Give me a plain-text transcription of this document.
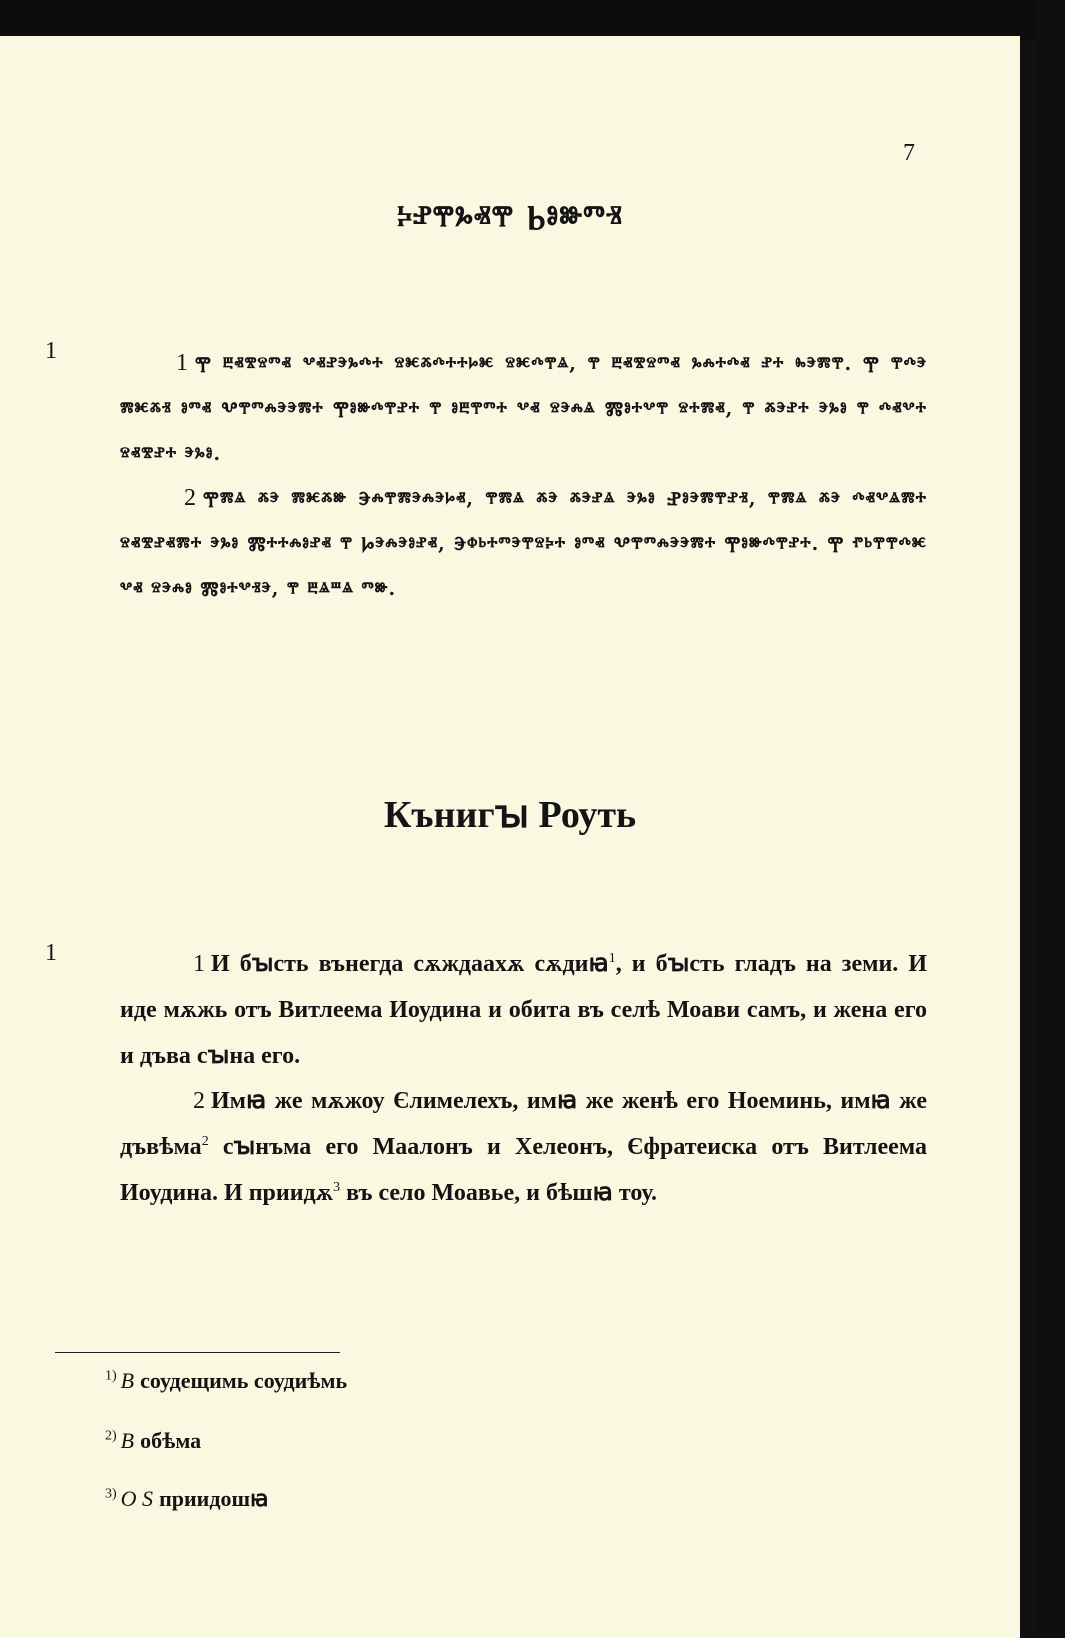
7
ⰽⱀⰹⰳⱏⰹ Ⱃⱁⱆⱅⱐ
1	1 Ⰹ ⰱⱏⰺⱄⱅⱏ ⰲⱏⱀⰵⰳⰴⰰ ⱄⱘⰶⰴⰰⰰⱈⱘ ⱄⱘⰴⰹⱑ, ⰹ ⰱⱏⰺⱄⱅⱏ ⰳⰾⰰⰴⱏ ⱀⰰ ⰸⰵⰿⰹ. Ⰹ ⰹⰴⰵ ⰿⱘⰶⱐ ⱁⱅⱏ Ⰲⰹⱅⰾⰵⰵⰿⰰ Ⰹⱁⱆⰴⰹⱀⰰ ⰹ ⱁⰱⰹⱅⰰ ⰲⱏ ⱄⰵⰾⱑ Ⰿⱁⰰⰲⰹ ⱄⰰⰿⱏ, ⰹ ⰶⰵⱀⰰ ⰵⰳⱁ ⰹ ⰴⱏⰲⰰ ⱄⱏⰺⱀⰰ ⰵⰳⱁ.
2 Ⰹⰿⱑ ⰶⰵ ⰿⱘⰶⱆ Ⰵⰾⰹⰿⰵⰾⰵⱈⱏ, ⰹⰿⱑ ⰶⰵ ⰶⰵⱀⱑ ⰵⰳⱁ Ⱀⱁⰵⰿⰹⱀⱐ, ⰹⰿⱑ ⰶⰵ ⰴⱏⰲⱑⰿⰰ ⱄⱏⰺⱀⱏⰿⰰ ⰵⰳⱁ Ⰿⰰⰰⰾⱁⱀⱏ ⰹ Ⱈⰵⰾⰵⱁⱀⱏ, Ⰵⱇⱃⰰⱅⰵⰹⱄⰽⰰ ⱁⱅⱏ Ⰲⰹⱅⰾⰵⰵⰿⰰ Ⰹⱁⱆⰴⰹⱀⰰ. Ⰹ ⱂⱃⰹⰹⰴⱘ ⰲⱏ ⱄⰵⰾⱁ Ⰿⱁⰰⰲⱐⰵ, ⰹ ⰱⱑⱎⱑ ⱅⱆ.
Кънигꙑ Роуть
1	1 И бꙑсть вънегда сѫждаахѫ сѫдиꙗ$^1$, и бꙑсть гладъ на земи. И иде мѫжь отъ Витлеема Иоудина и обита въ селѣ Моави самъ, и жена его и дъва сꙑна его.
2 Имꙗ же мѫжоу Єлимелехъ, имꙗ же женѣ его Ноеминь, имꙗ же дъвѣма$^2$ сꙑнъма его Маалонъ и Хелеонъ, Єфратеиска отъ Витлеема Иоудина. И приидѫ$^3$ въ село Моавье, и бѣшꙗ тоу.
$^{1)}$ B соудещимь соудиѣмь
$^{2)}$ B обѣма
$^{3)}$ O S приидошꙗ
